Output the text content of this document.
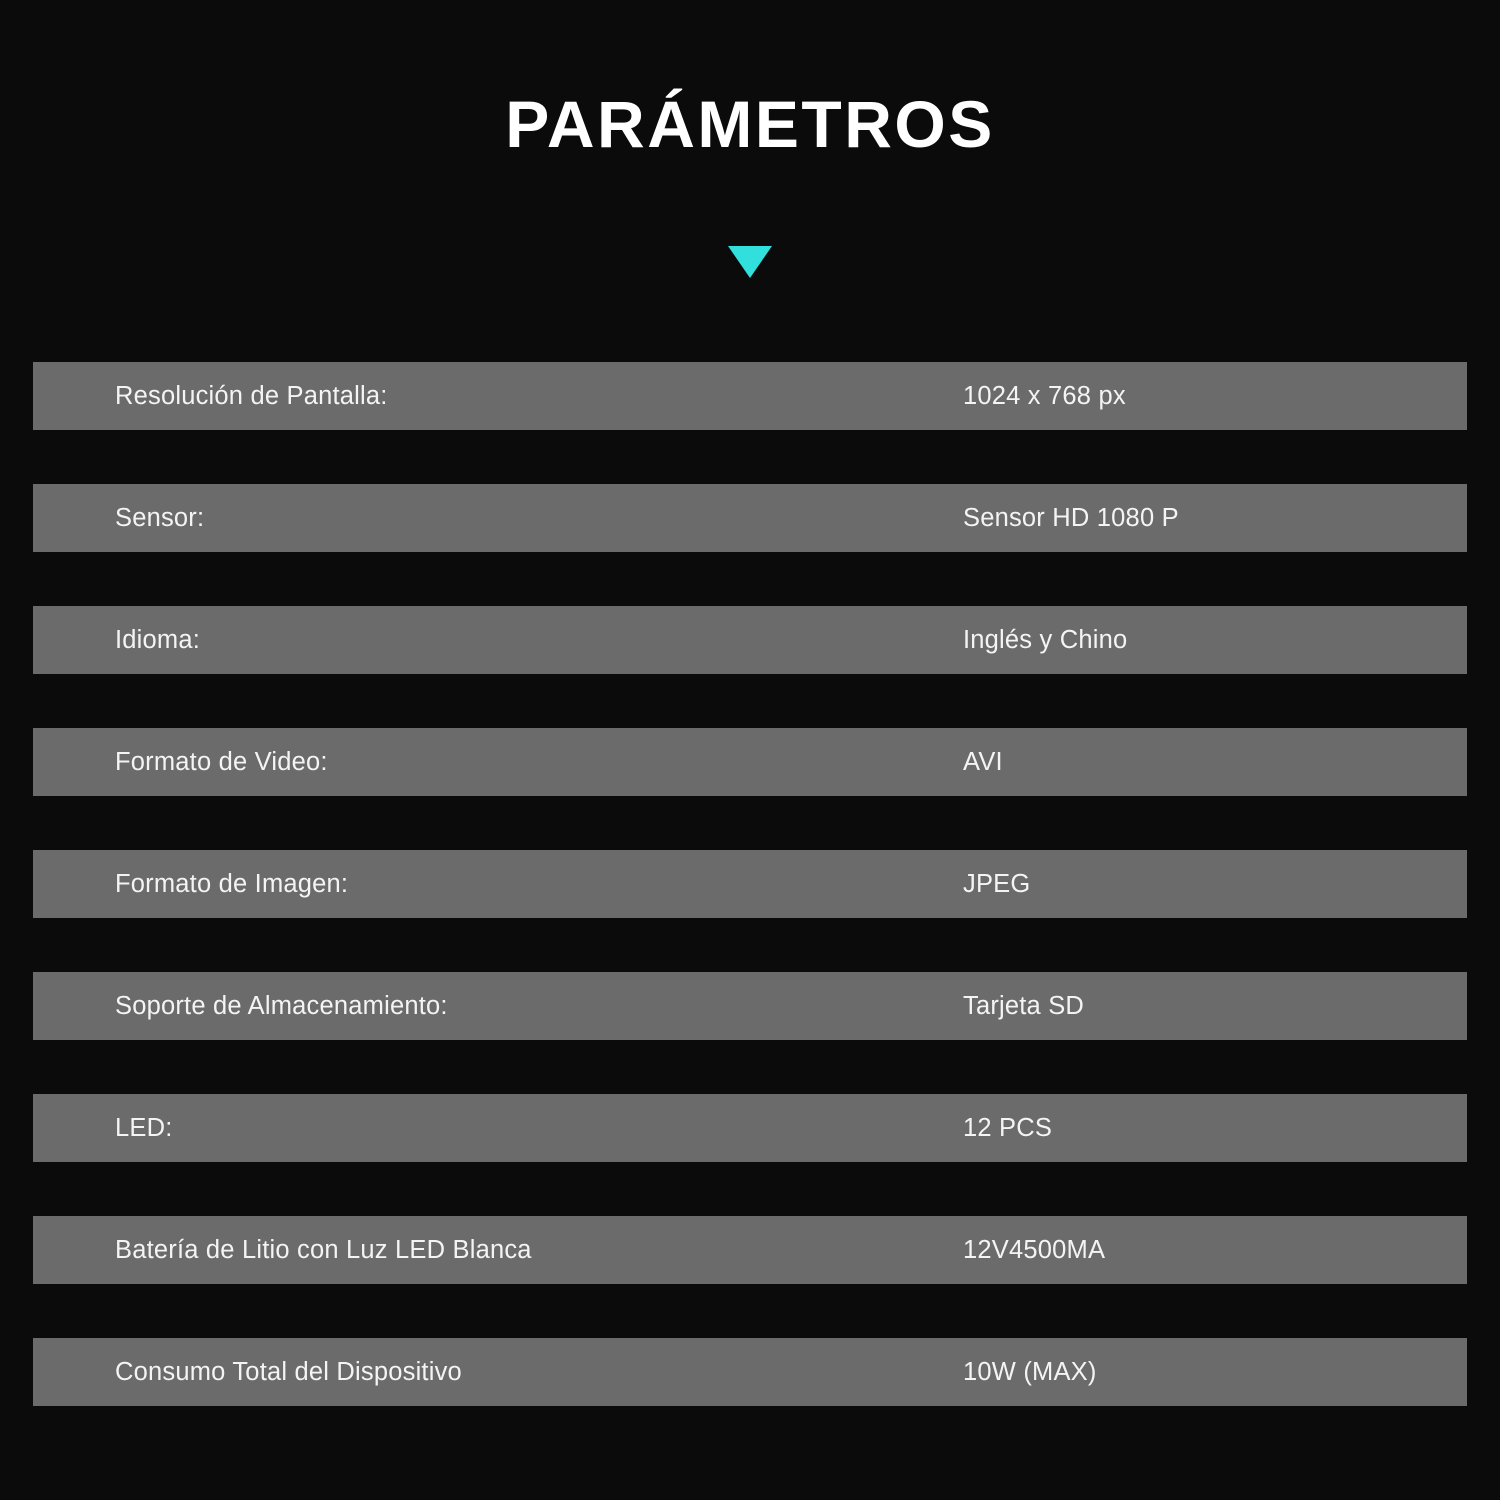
PARÁMETROS
Resolución de Pantalla:	1024 x 768 px
Sensor:	Sensor HD 1080 P
Idioma:	Inglés y Chino
Formato de Video:	AVI
Formato de Imagen:	JPEG
Soporte de Almacenamiento:	Tarjeta SD
LED:	12 PCS
Batería de Litio con Luz LED Blanca	12V4500MA
Consumo Total del Dispositivo	10W (MAX)
